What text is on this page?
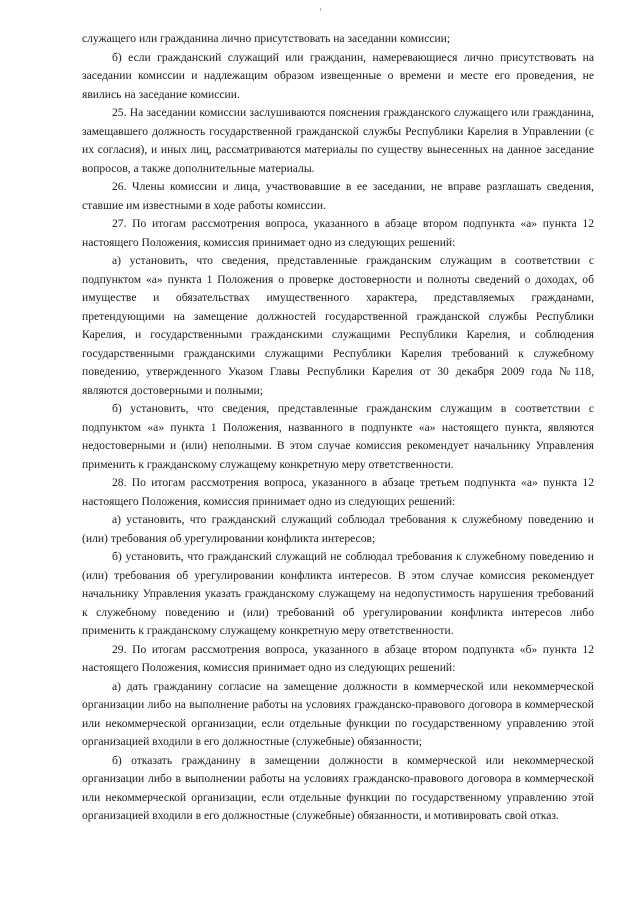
служащего или гражданина лично присутствовать на заседании комиссии;

б) если гражданский служащий или гражданин, намеревающиеся лично присутствовать на заседании комиссии и надлежащим образом извещенные о времени и месте его проведения, не явились на заседание комиссии.

25. На заседании комиссии заслушиваются пояснения гражданского служащего или гражданина, замещавшего должность государственной гражданской службы Республики Карелия в Управлении (с их согласия), и иных лиц, рассматриваются материалы по существу вынесенных на данное заседание вопросов, а также дополнительные материалы.

26. Члены комиссии и лица, участвовавшие в ее заседании, не вправе разглашать сведения, ставшие им известными в ходе работы комиссии.

27. По итогам рассмотрения вопроса, указанного в абзаце втором подпункта «а» пункта 12 настоящего Положения, комиссия принимает одно из следующих решений:

а) установить, что сведения, представленные гражданским служащим в соответствии с подпунктом «а» пункта 1 Положения о проверке достоверности и полноты сведений о доходах, об имуществе и обязательствах имущественного характера, представляемых гражданами, претендующими на замещение должностей государственной гражданской службы Республики Карелия, и государственными гражданскими служащими Республики Карелия, и соблюдения государственными гражданскими служащими Республики Карелия требований к служебному поведению, утвержденного Указом Главы Республики Карелия от 30 декабря 2009 года №118, являются достоверными и полными;

б) установить, что сведения, представленные гражданским служащим в соответствии с подпунктом «а» пункта 1 Положения, названного в подпункте «а» настоящего пункта, являются недостоверными и (или) неполными. В этом случае комиссия рекомендует начальнику Управления применить к гражданскому служащему конкретную меру ответственности.

28. По итогам рассмотрения вопроса, указанного в абзаце третьем подпункта «а» пункта 12 настоящего Положения, комиссия принимает одно из следующих решений:

а) установить, что гражданский служащий соблюдал требования к служебному поведению и (или) требования об урегулировании конфликта интересов;

б) установить, что гражданский служащий не соблюдал требования к служебному поведению и (или) требования об урегулировании конфликта интересов. В этом случае комиссия рекомендует начальнику Управления указать гражданскому служащему на недопустимость нарушения требований к служебному поведению и (или) требований об урегулировании конфликта интересов либо применить к гражданскому служащему конкретную меру ответственности.

29. По итогам рассмотрения вопроса, указанного в абзаце втором подпункта «б» пункта 12 настоящего Положения, комиссия принимает одно из следующих решений:

а) дать гражданину согласие на замещение должности в коммерческой или некоммерческой организации либо на выполнение работы на условиях гражданско-правового договора в коммерческой или некоммерческой организации, если отдельные функции по государственному управлению этой организацией входили в его должностные (служебные) обязанности;

б) отказать гражданину в замещении должности в коммерческой или некоммерческой организации либо в выполнении работы на условиях гражданско-правового договора в коммерческой или некоммерческой организации, если отдельные функции по государственному управлению этой организацией входили в его должностные (служебные) обязанности, и мотивировать свой отказ.
